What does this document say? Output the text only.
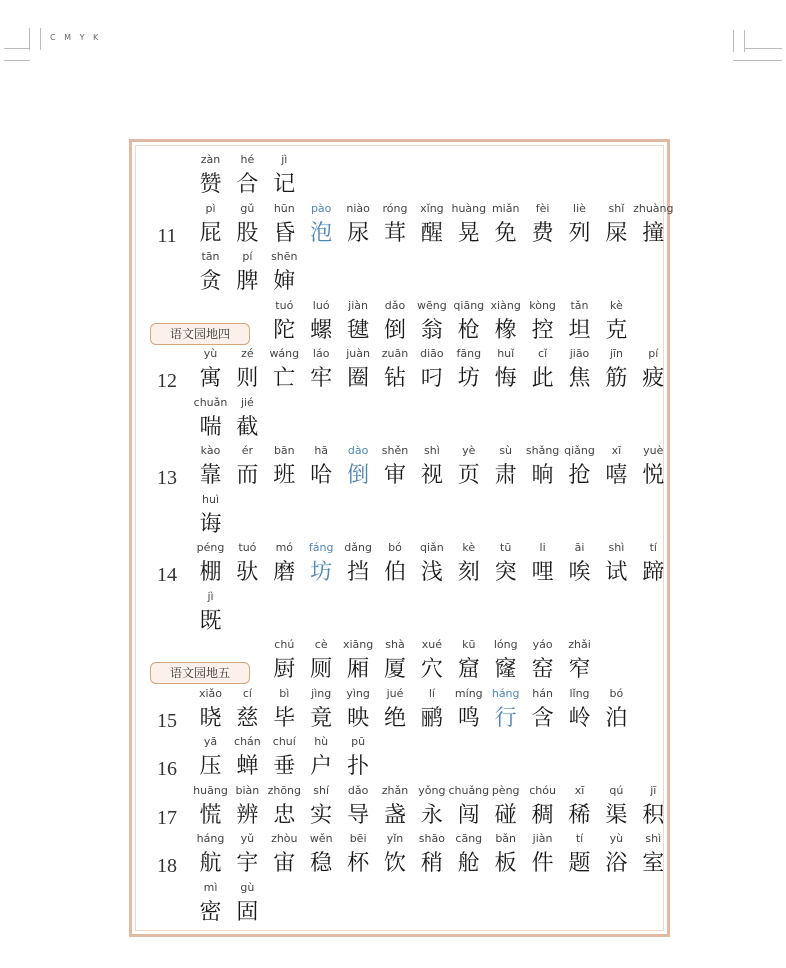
C M Y K
zàn
赞
hé
合
jì
记
11
pì
屁
gǔ
股
hūn
昏
pào
泡
niào
尿
róng
茸
xǐng
醒
huàng
晃
miǎn
免
fèi
费
liè
列
shǐ
屎
zhuàng
撞
tān
贪
pí
脾
shēn
婶
语文园地四
tuó
陀
luó
螺
jiàn
毽
dǎo
倒
wēng
翁
qiāng
枪
xiàng
橡
kòng
控
tǎn
坦
kè
克
12
yù
寓
zé
则
wáng
亡
láo
牢
juàn
圈
zuān
钻
diāo
叼
fāng
坊
huǐ
悔
cǐ
此
jiāo
焦
jīn
筋
pí
疲
chuǎn
喘
jié
截
13
kào
靠
ér
而
bān
班
hā
哈
dào
倒
shěn
审
shì
视
yè
页
sù
肃
shǎng
晌
qiǎng
抢
xī
嘻
yuè
悦
huì
诲
14
péng
棚
tuó
驮
mó
磨
fáng
坊
dǎng
挡
bó
伯
qiǎn
浅
kè
刻
tū
突
li
哩
āi
唉
shì
试
tí
蹄
jì
既
语文园地五
chú
厨
cè
厕
xiāng
厢
shà
厦
xué
穴
kū
窟
lóng
窿
yáo
窑
zhǎi
窄
15
xiǎo
晓
cí
慈
bì
毕
jìng
竟
yìng
映
jué
绝
lí
鹂
míng
鸣
háng
行
hán
含
lǐng
岭
bó
泊
16
yā
压
chán
蝉
chuí
垂
hù
户
pū
扑
17
huāng
慌
biàn
辨
zhōng
忠
shí
实
dǎo
导
zhǎn
盏
yǒng
永
chuǎng
闯
pèng
碰
chóu
稠
xī
稀
qú
渠
jī
积
18
háng
航
yǔ
宇
zhòu
宙
wěn
稳
bēi
杯
yǐn
饮
shāo
稍
cāng
舱
bǎn
板
jiàn
件
tí
题
yù
浴
shì
室
mì
密
gù
固
